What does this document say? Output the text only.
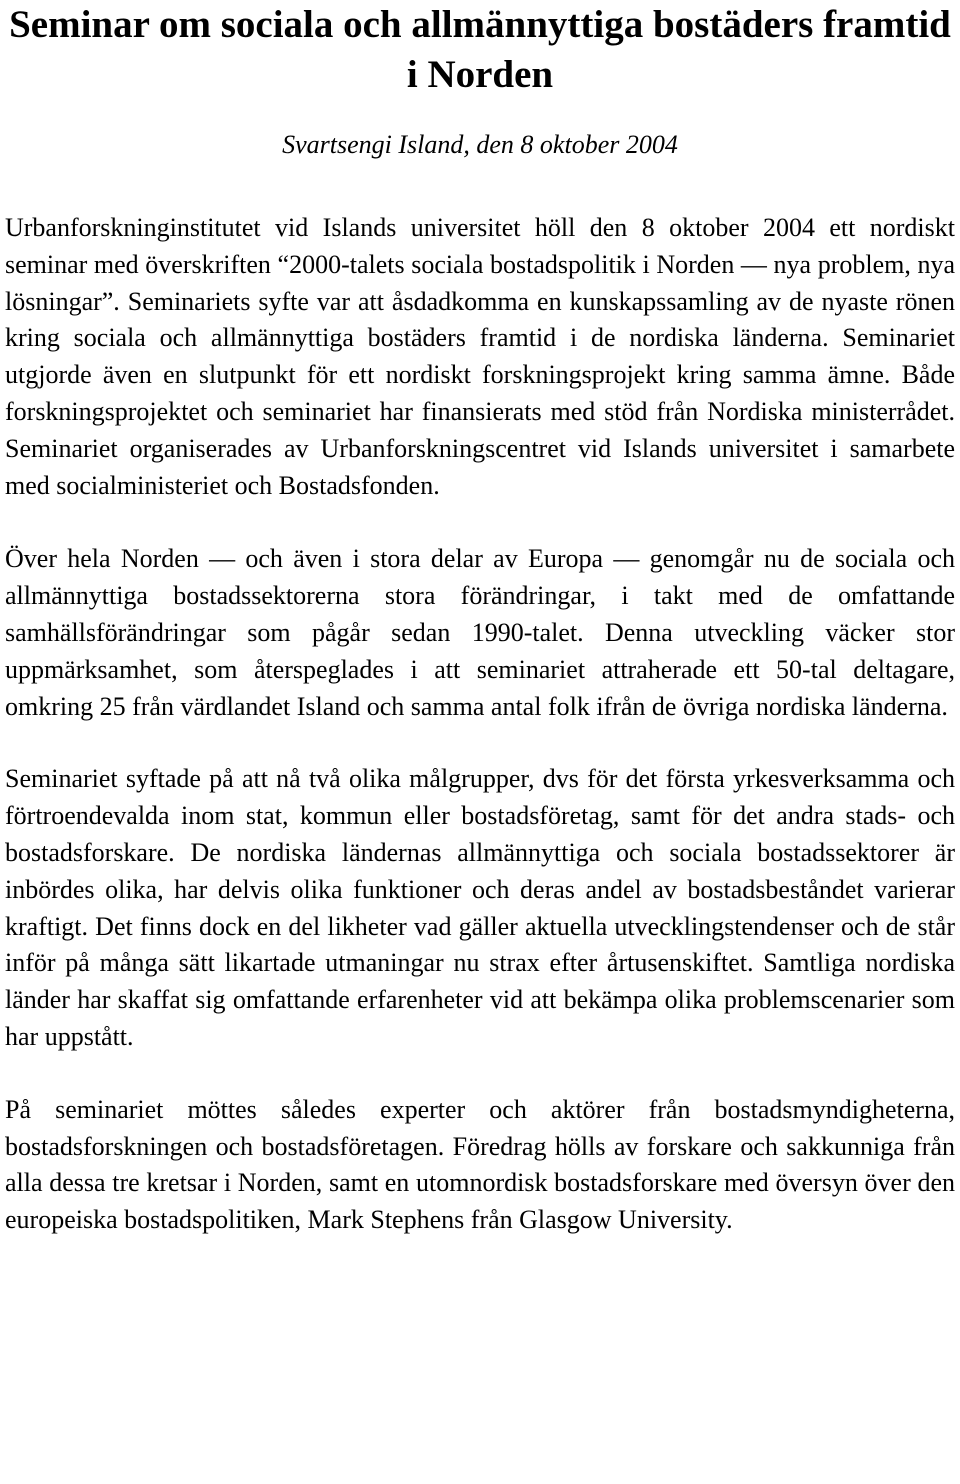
Seminar om sociala och allmännyttiga bostäders framtid i Norden

Svartsengi Island, den 8 oktober 2004

Urbanforskninginstitutet vid Islands universitet höll den 8 oktober 2004 ett nordiskt seminar med överskriften “2000-talets sociala bostadspolitik i Norden — nya problem, nya lösningar”. Seminariets syfte var att åsdadkomma en kunskapssamling av de nyaste rönen kring sociala och allmännyttiga bostäders framtid i de nordiska länderna. Seminariet utgjorde även en slutpunkt för ett nordiskt forskningsprojekt kring samma ämne. Både forskningsprojektet och seminariet har finansierats med stöd från Nordiska ministerrådet. Seminariet organiserades av Urbanforskningscentret vid Islands universitet i samarbete med socialministeriet och Bostadsfonden.

Över hela Norden — och även i stora delar av Europa — genomgår nu de sociala och allmännyttiga bostadssektorerna stora förändringar, i takt med de omfattande samhällsförändringar som pågår sedan 1990-talet. Denna utveckling väcker stor uppmärksamhet, som återspeglades i att seminariet attraherade ett 50-tal deltagare, omkring 25 från värdlandet Island och samma antal folk ifrån de övriga nordiska länderna.

Seminariet syftade på att nå två olika målgrupper, dvs för det första yrkesverksamma och förtroendevalda inom stat, kommun eller bostadsföretag, samt för det andra stads- och bostadsforskare. De nordiska ländernas allmännyttiga och sociala bostadssektorer är inbördes olika, har delvis olika funktioner och deras andel av bostadsbeståndet varierar kraftigt. Det finns dock en del likheter vad gäller aktuella utvecklingstendenser och de står inför på många sätt likartade utmaningar nu strax efter årtusenskiftet. Samtliga nordiska länder har skaffat sig omfattande erfarenheter vid att bekämpa olika problemscenarier som har uppstått.

På seminariet möttes således experter och aktörer från bostadsmyndigheterna, bostadsforskningen och bostadsföretagen. Föredrag hölls av forskare och sakkunniga från alla dessa tre kretsar i Norden, samt en utomnordisk bostadsforskare med översyn över den europeiska bostadspolitiken, Mark Stephens från Glasgow University.
